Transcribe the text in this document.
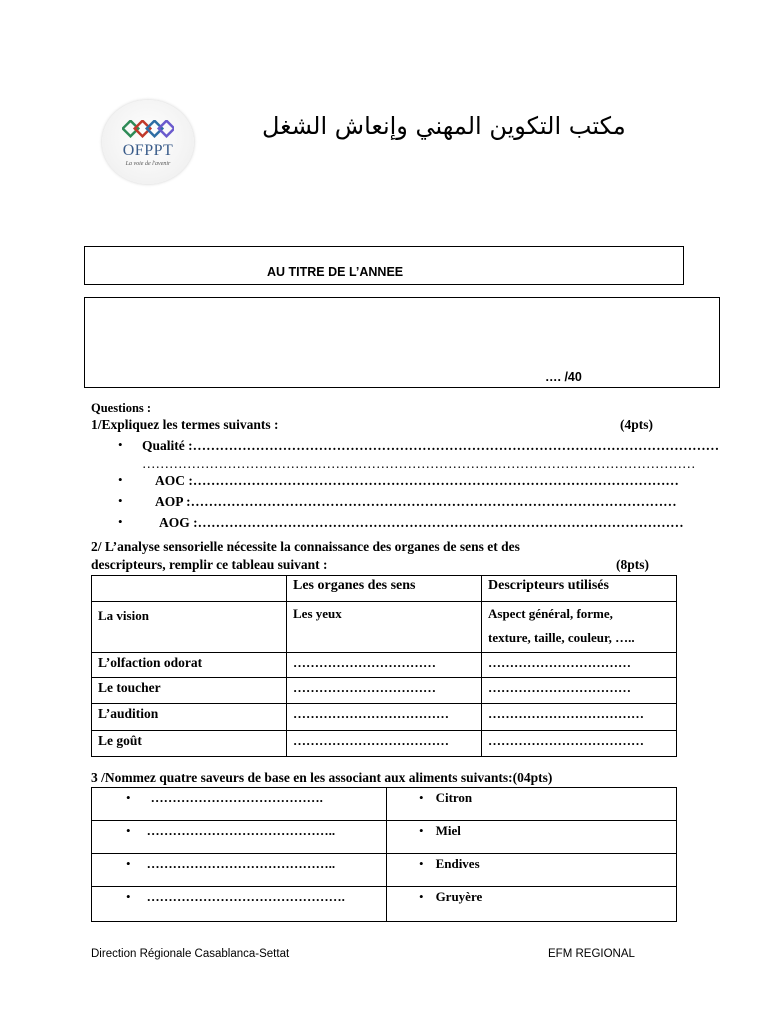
OFPPT
La voie de l'avenir
مكتب التكوين المهني وإنعاش الشغل
AU TITRE DE L’ANNEE
…. /40
Questions :
1/Expliquez les termes suivants :	(4pts)
• Qualité :………………………………………………………………………………………………………
……………………………………………………………………………………………………………
• AOC :………………………………………………………………………………………………
• AOP :………………………………………………………………………………………………
•	AOG :………………………………………………………………………………………………
2/ L’analyse sensorielle nécessite la connaissance des organes de sens et des
descripteurs, remplir ce tableau suivant :	(8pts)
	Les organes des sens	Descripteurs utilisés
La vision	Les yeux	Aspect général, forme,
texture, taille, couleur, …..

L’olfaction odorat	……………………………	……………………………
Le toucher	……………………………	……………………………
L’audition	………………………………	………………………………
Le goût	………………………………	………………………………
3 /Nommez quatre saveurs de base en les associant aux aliments suivants:(04pts)
• ………………………………….	• Citron
• ……………………………………..	• Miel
• ……………………………………..	• Endives
• ……………………………………….	• Gruyère
Direction Régionale Casablanca-Settat	EFM REGIONAL
